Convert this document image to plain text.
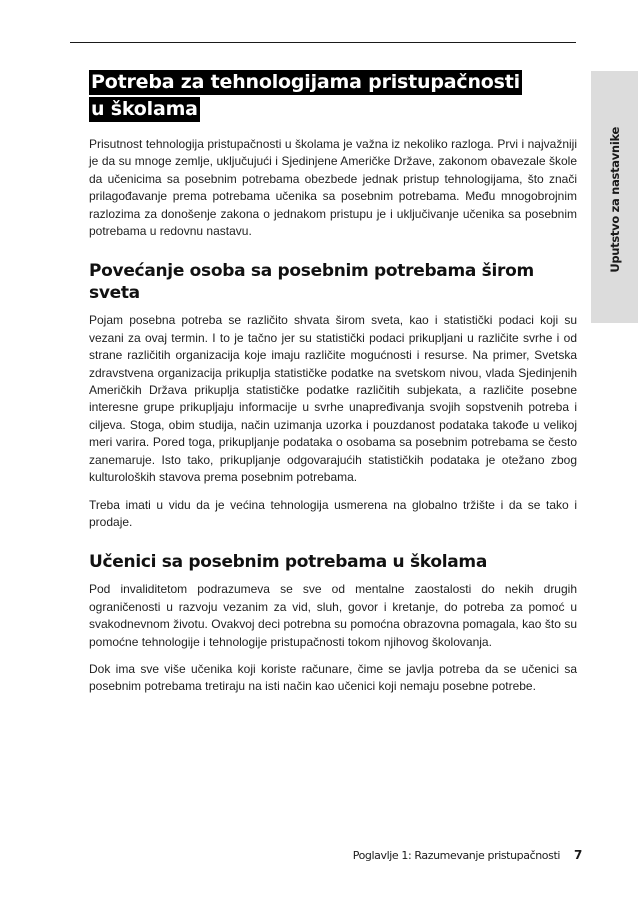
Uputstvo za nastavnike
Potreba za tehnologijama pristupačnosti u školama

Prisutnost tehnologija pristupačnosti u školama je važna iz nekoliko razloga. Prvi i najvažniji je da su mnoge zemlje, uključujući i Sjedinjene Američke Države, zakonom obavezale škole da učenicima sa posebnim potrebama obezbede jednak pristup tehnologijama, što znači prilagođavanje prema potrebama učenika sa posebnim potrebama. Među mnogobrojnim razlozima za donošenje zakona o jednakom pristupu je i uključivanje učenika sa posebnim potrebama u redovnu nastavu.

Povećanje osoba sa posebnim potrebama širom sveta

Pojam posebna potreba se različito shvata širom sveta, kao i statistički podaci koji su vezani za ovaj termin. I to je tačno jer su statistički podaci prikupljani u različite svrhe i od strane različitih organizacija koje imaju različite mogućnosti i resurse. Na primer, Svetska zdravstvena organizacija prikuplja statističke podatke na svetskom nivou, vlada Sjedinjenih Američkih Država prikuplja statističke podatke različitih subjekata, a različite posebne interesne grupe prikupljaju informacije u svrhe unapređivanja svojih sopstvenih potreba i ciljeva. Stoga, obim studija, način uzimanja uzorka i pouzdanost podataka takođe u velikoj meri varira. Pored toga, prikupljanje podataka o osobama sa posebnim potrebama se često zanemaruje. Isto tako, prikupljanje odgovarajućih statističkih podataka je otežano zbog kulturoloških stavova prema posebnim potrebama.

Treba imati u vidu da je većina tehnologija usmerena na globalno tržište i da se tako i prodaje.

Učenici sa posebnim potrebama u školama

Pod invaliditetom podrazumeva se sve od mentalne zaostalosti do nekih drugih ograničenosti u razvoju vezanim za vid, sluh, govor i kretanje, do potreba za pomoć u svakodnevnom životu. Ovakvoj deci potrebna su pomoćna obrazovna pomagala, kao što su pomoćne tehnologije i tehnologije pristupačnosti tokom njihovog školovanja.

Dok ima sve više učenika koji koriste računare, čime se javlja potreba da se učenici sa posebnim potrebama tretiraju na isti način kao učenici koji nemaju posebne potrebe.

Poglavlje 1: Razumevanje pristupačnosti 7
